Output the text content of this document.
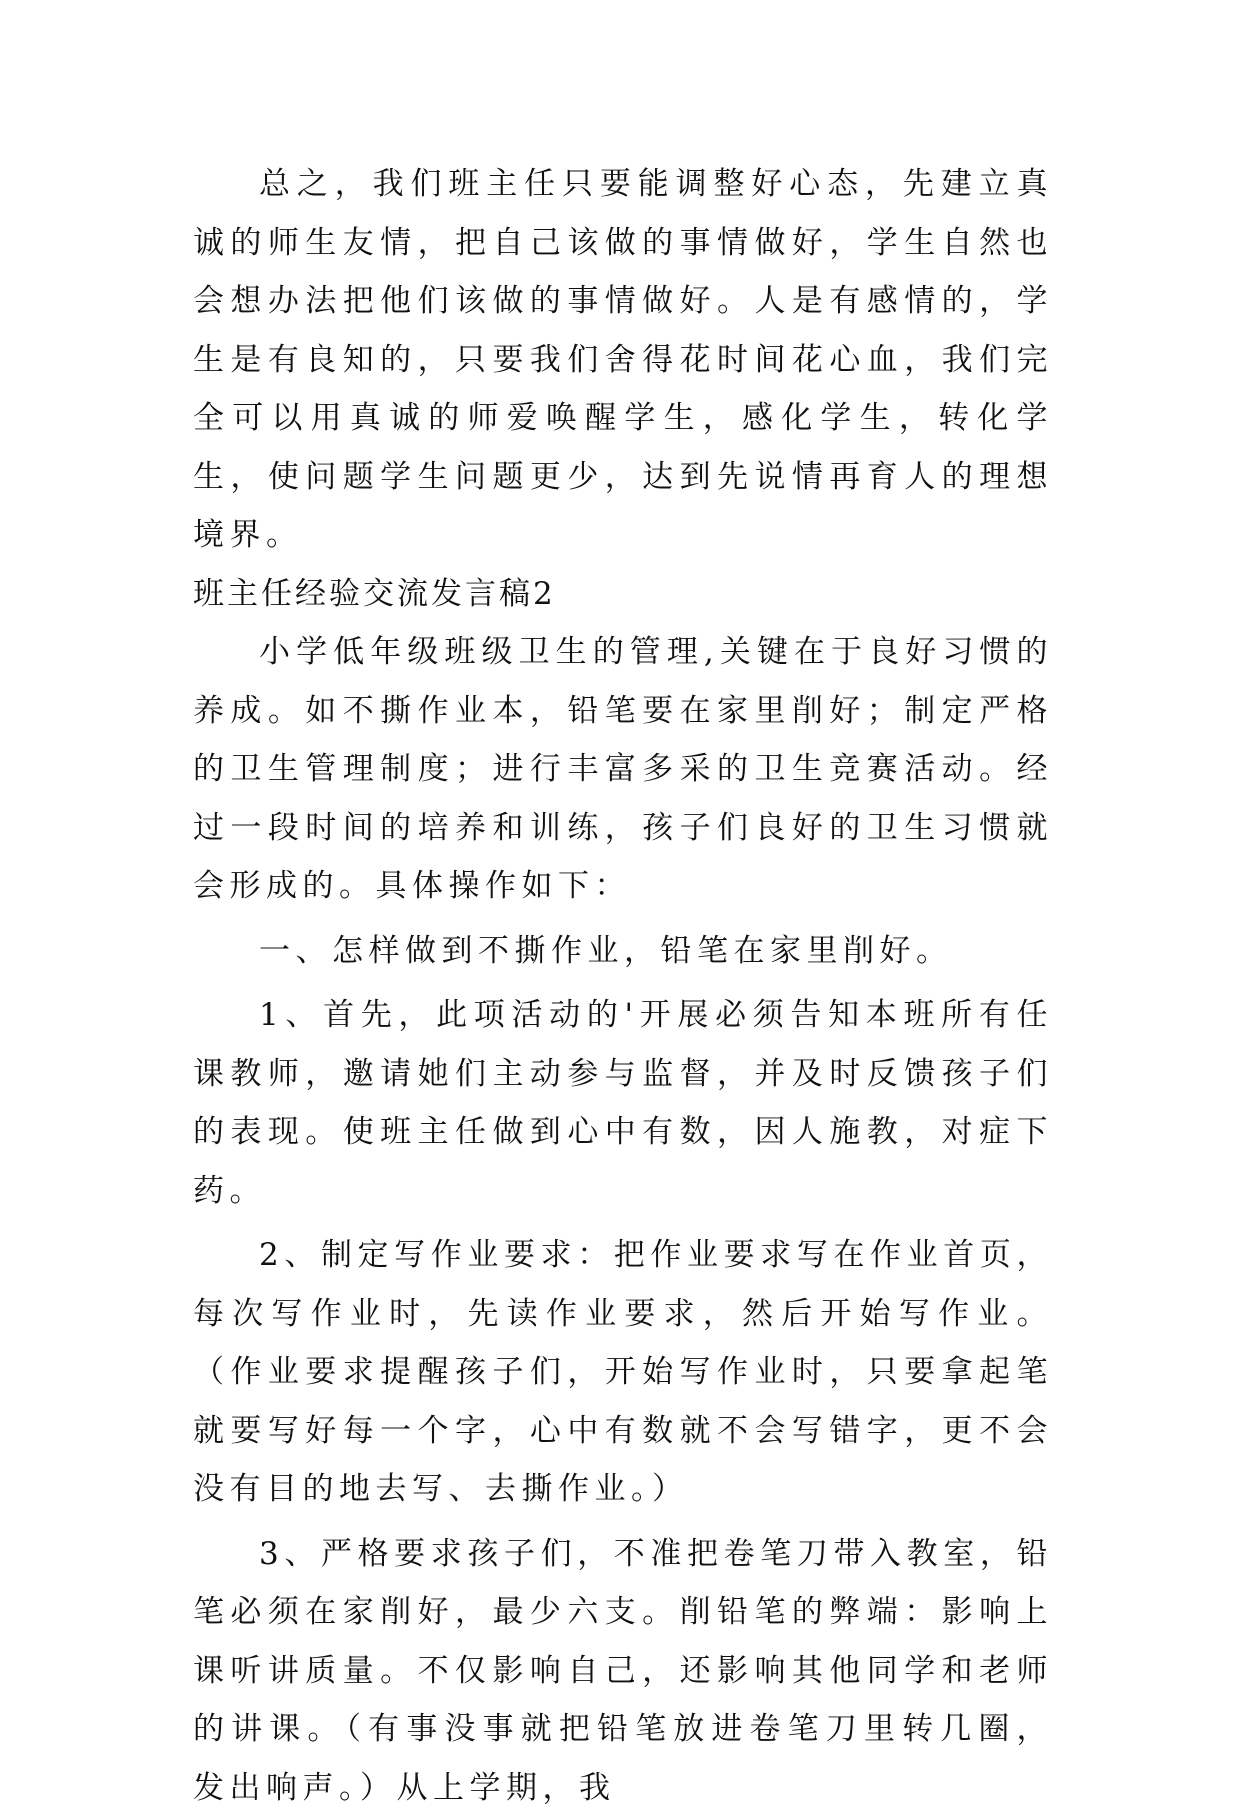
总之，我们班主任只要能调整好心态，先建立真诚的师生友情，把自己该做的事情做好，学生自然也会想办法把他们该做的事情做好。人是有感情的，学生是有良知的，只要我们舍得花时间花心血，我们完全可以用真诚的师爱唤醒学生，感化学生，转化学生，使问题学生问题更少，达到先说情再育人的理想境界。

班主任经验交流发言稿2

小学低年级班级卫生的管理,关键在于良好习惯的养成。如不撕作业本，铅笔要在家里削好；制定严格的卫生管理制度；进行丰富多采的卫生竞赛活动。经过一段时间的培养和训练，孩子们良好的卫生习惯就会形成的。具体操作如下：

一、怎样做到不撕作业，铅笔在家里削好。

1、首先，此项活动的'开展必须告知本班所有任课教师，邀请她们主动参与监督，并及时反馈孩子们的表现。使班主任做到心中有数，因人施教，对症下药。

2、制定写作业要求：把作业要求写在作业首页，每次写作业时，先读作业要求，然后开始写作业。（作业要求提醒孩子们，开始写作业时，只要拿起笔就要写好每一个字，心中有数就不会写错字，更不会没有目的地去写、去撕作业。）

3、严格要求孩子们，不准把卷笔刀带入教室，铅笔必须在家削好，最少六支。削铅笔的弊端：影响上课听讲质量。不仅影响自己，还影响其他同学和老师的讲课。（有事没事就把铅笔放进卷笔刀里转几圈，发出响声。）从上学期，我
